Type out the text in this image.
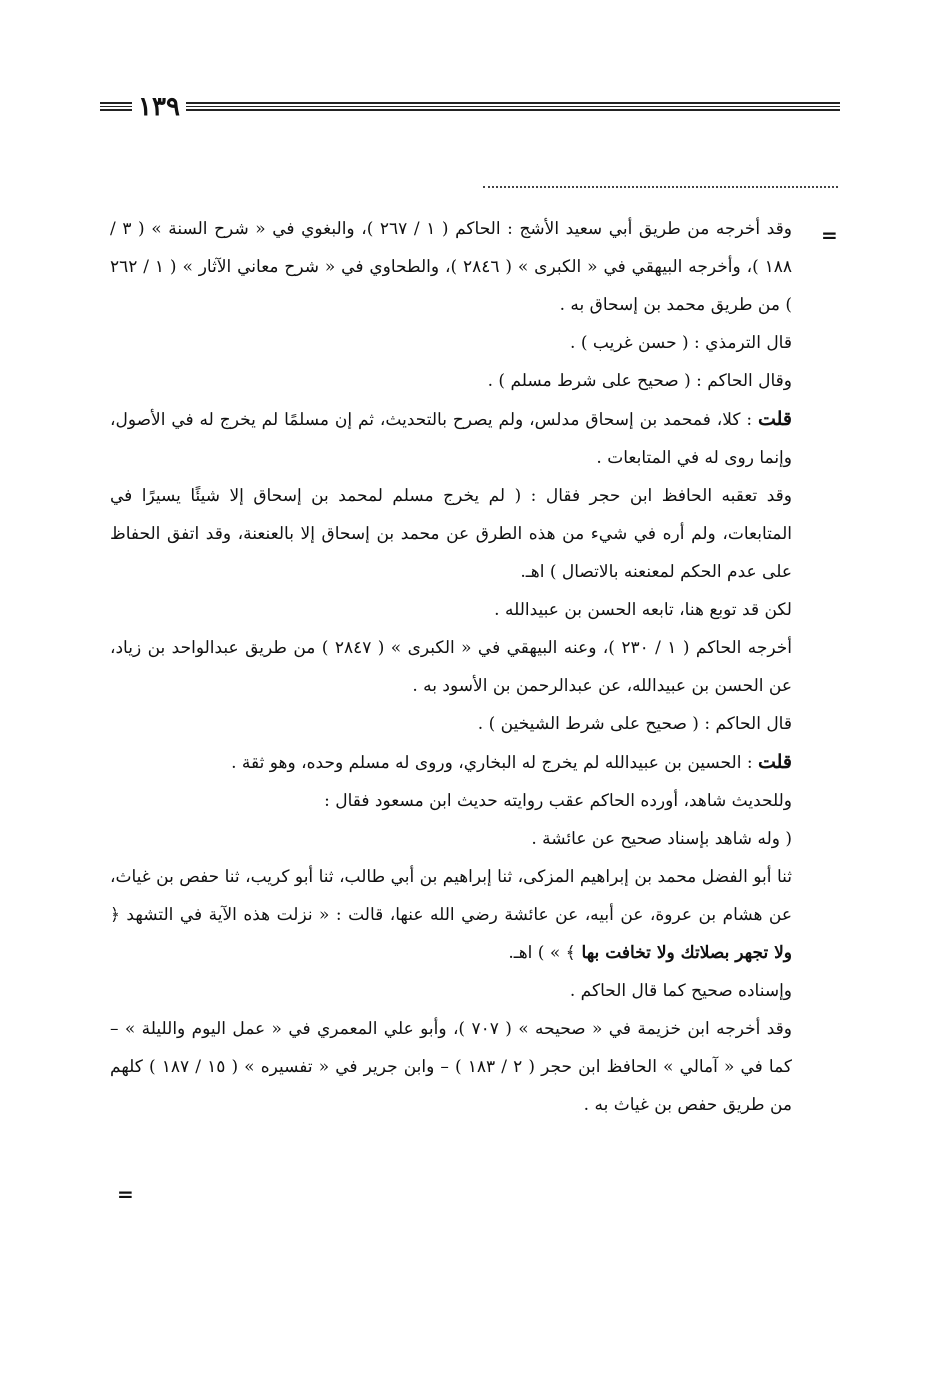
١٣٩
=

وقد أخرجه من طريق أبي سعيد الأشج : الحاكم ( ١ / ٢٦٧ )، والبغوي في « شرح السنة » ( ٣ / ١٨٨ )، وأخرجه البيهقي في « الكبرى » ( ٢٨٤٦ )، والطحاوي في « شرح معاني الآثار » ( ١ / ٢٦٢ ) من طريق محمد بن إسحاق به .

قال الترمذي : ( حسن غريب ) .

وقال الحاكم : ( صحيح على شرط مسلم ) .

قلت : كلا، فمحمد بن إسحاق مدلس، ولم يصرح بالتحديث، ثم إن مسلمًا لم يخرج له في الأصول، وإنما روى له في المتابعات .

وقد تعقبه الحافظ ابن حجر فقال : ( لم يخرج مسلم لمحمد بن إسحاق إلا شيئًا يسيرًا في المتابعات، ولم أره في شيء من هذه الطرق عن محمد بن إسحاق إلا بالعنعنة، وقد اتفق الحفاظ على عدم الحكم لمعنعنه بالاتصال ) اهـ.

لكن قد توبع هنا، تابعه الحسن بن عبيدالله .

أخرجه الحاكم ( ١ / ٢٣٠ )، وعنه البيهقي في « الكبرى » ( ٢٨٤٧ ) من طريق عبدالواحد بن زياد، عن الحسن بن عبيدالله، عن عبدالرحمن بن الأسود به .

قال الحاكم : ( صحيح على شرط الشيخين ) .

قلت : الحسين بن عبيدالله لم يخرج له البخاري، وروى له مسلم وحده، وهو ثقة .

وللحديث شاهد، أورده الحاكم عقب روايته حديث ابن مسعود فقال :

( وله شاهد بإسناد صحيح عن عائشة .

ثنا أبو الفضل محمد بن إبراهيم المزكى، ثنا إبراهيم بن أبي طالب، ثنا أبو كريب، ثنا حفص بن غياث، عن هشام بن عروة، عن أبيه، عن عائشة رضي الله عنها، قالت : « نزلت هذه الآية في التشهد ﴿ ولا تجهر بصلاتك ولا تخافت بها ﴾ » ) اهـ.

وإسناده صحيح كما قال الحاكم .

وقد أخرجه ابن خزيمة في « صحيحه » ( ٧٠٧ )، وأبو علي المعمري في « عمل اليوم والليلة » – كما في « آمالي » الحافظ ابن حجر ( ٢ / ١٨٣ ) – وابن جرير في « تفسيره » ( ١٥ / ١٨٧ ) كلهم من طريق حفص بن غياث به .

=
